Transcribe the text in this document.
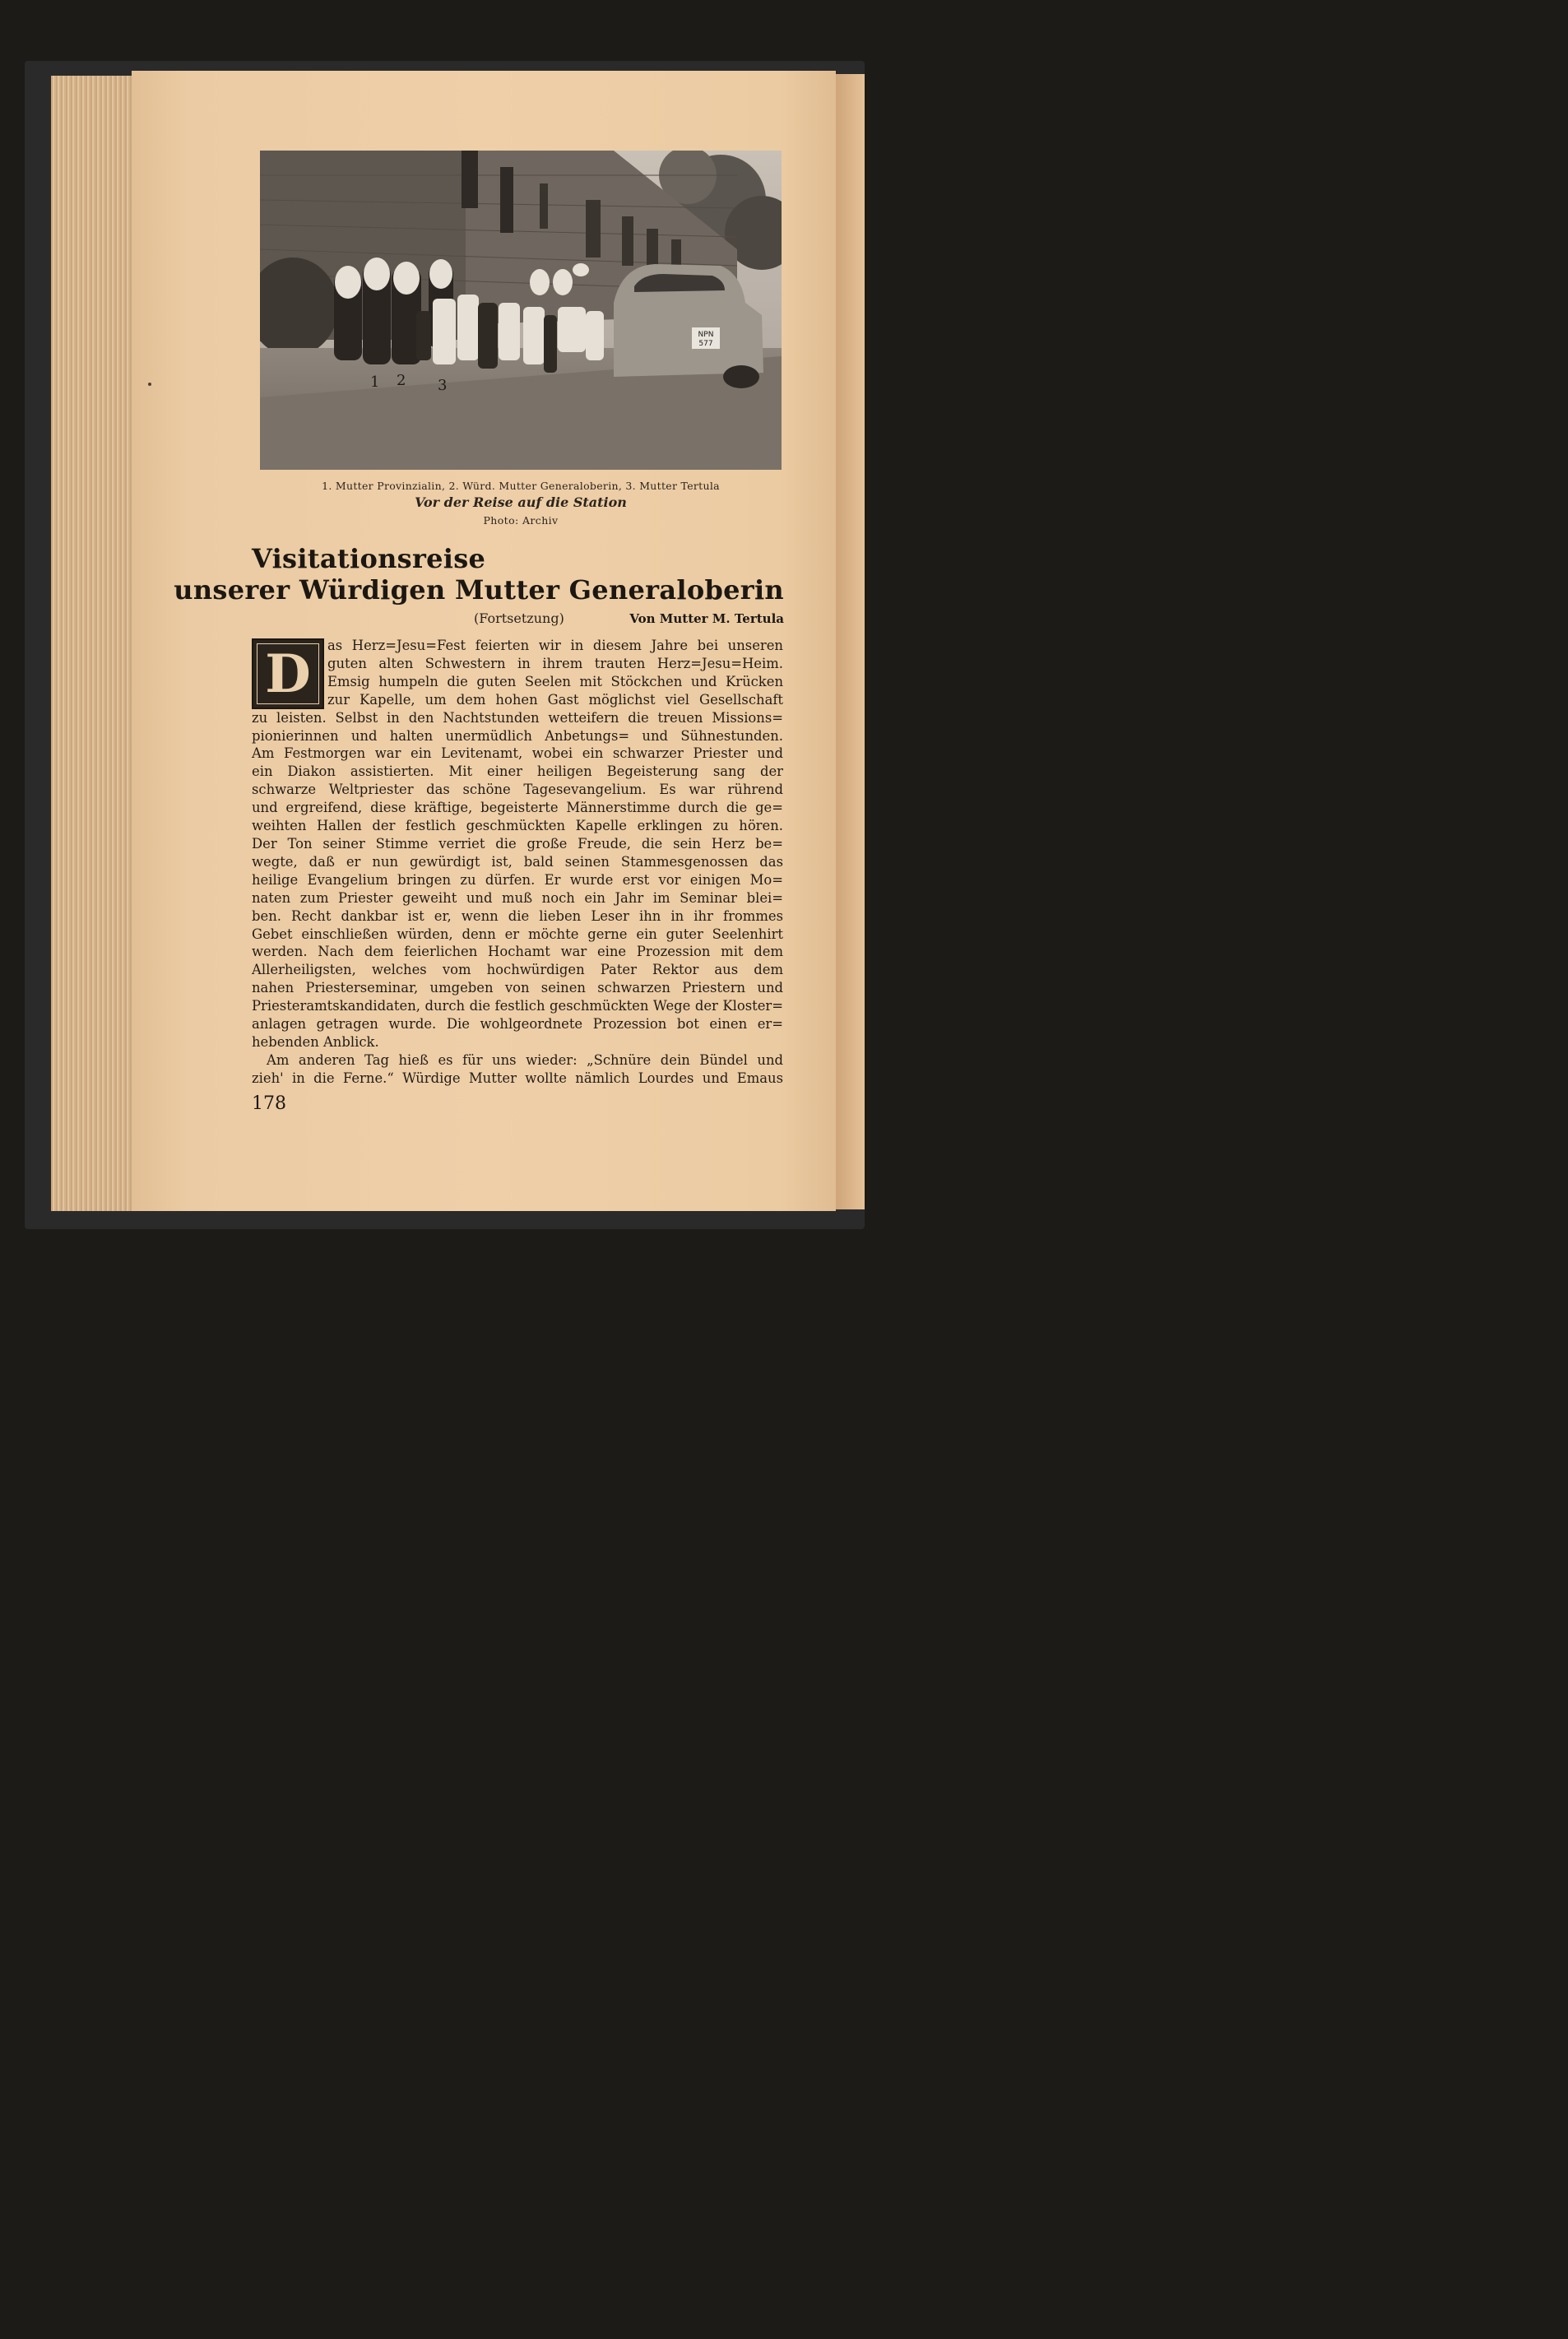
NPN
577
1 2 3
1. Mutter Provinzialin, 2. Würd. Mutter Generaloberin, 3. Mutter Tertula
Vor der Reise auf die Station
Photo: Archiv
Visitationsreise
unserer Würdigen Mutter Generaloberin
(Fortsetzung)	Von Mutter M. Tertula
D	as Herz=Jesu=Fest feierten wir in diesem Jahre bei unseren
guten alten Schwestern in ihrem trauten Herz=Jesu=Heim.
Emsig humpeln die guten Seelen mit Stöckchen und Krücken
zur Kapelle, um dem hohen Gast möglichst viel Gesellschaft
zu leisten. Selbst in den Nachtstunden wetteifern die treuen Missions=
pionierinnen und halten unermüdlich Anbetungs= und Sühnestunden.
Am Festmorgen war ein Levitenamt, wobei ein schwarzer Priester und
ein Diakon assistierten. Mit einer heiligen Begeisterung sang der
schwarze Weltpriester das schöne Tagesevangelium. Es war rührend
und ergreifend, diese kräftige, begeisterte Männerstimme durch die ge=
weihten Hallen der festlich geschmückten Kapelle erklingen zu hören.
Der Ton seiner Stimme verriet die große Freude, die sein Herz be=
wegte, daß er nun gewürdigt ist, bald seinen Stammesgenossen das
heilige Evangelium bringen zu dürfen. Er wurde erst vor einigen Mo=
naten zum Priester geweiht und muß noch ein Jahr im Seminar blei=
ben. Recht dankbar ist er, wenn die lieben Leser ihn in ihr frommes
Gebet einschließen würden, denn er möchte gerne ein guter Seelenhirt
werden. Nach dem feierlichen Hochamt war eine Prozession mit dem
Allerheiligsten, welches vom hochwürdigen Pater Rektor aus dem
nahen Priesterseminar, umgeben von seinen schwarzen Priestern und
Priesteramtskandidaten, durch die festlich geschmückten Wege der Kloster=
anlagen getragen wurde. Die wohlgeordnete Prozession bot einen er=
hebenden Anblick.
Am anderen Tag hieß es für uns wieder: „Schnüre dein Bündel und
zieh' in die Ferne.“ Würdige Mutter wollte nämlich Lourdes und Emaus
178
